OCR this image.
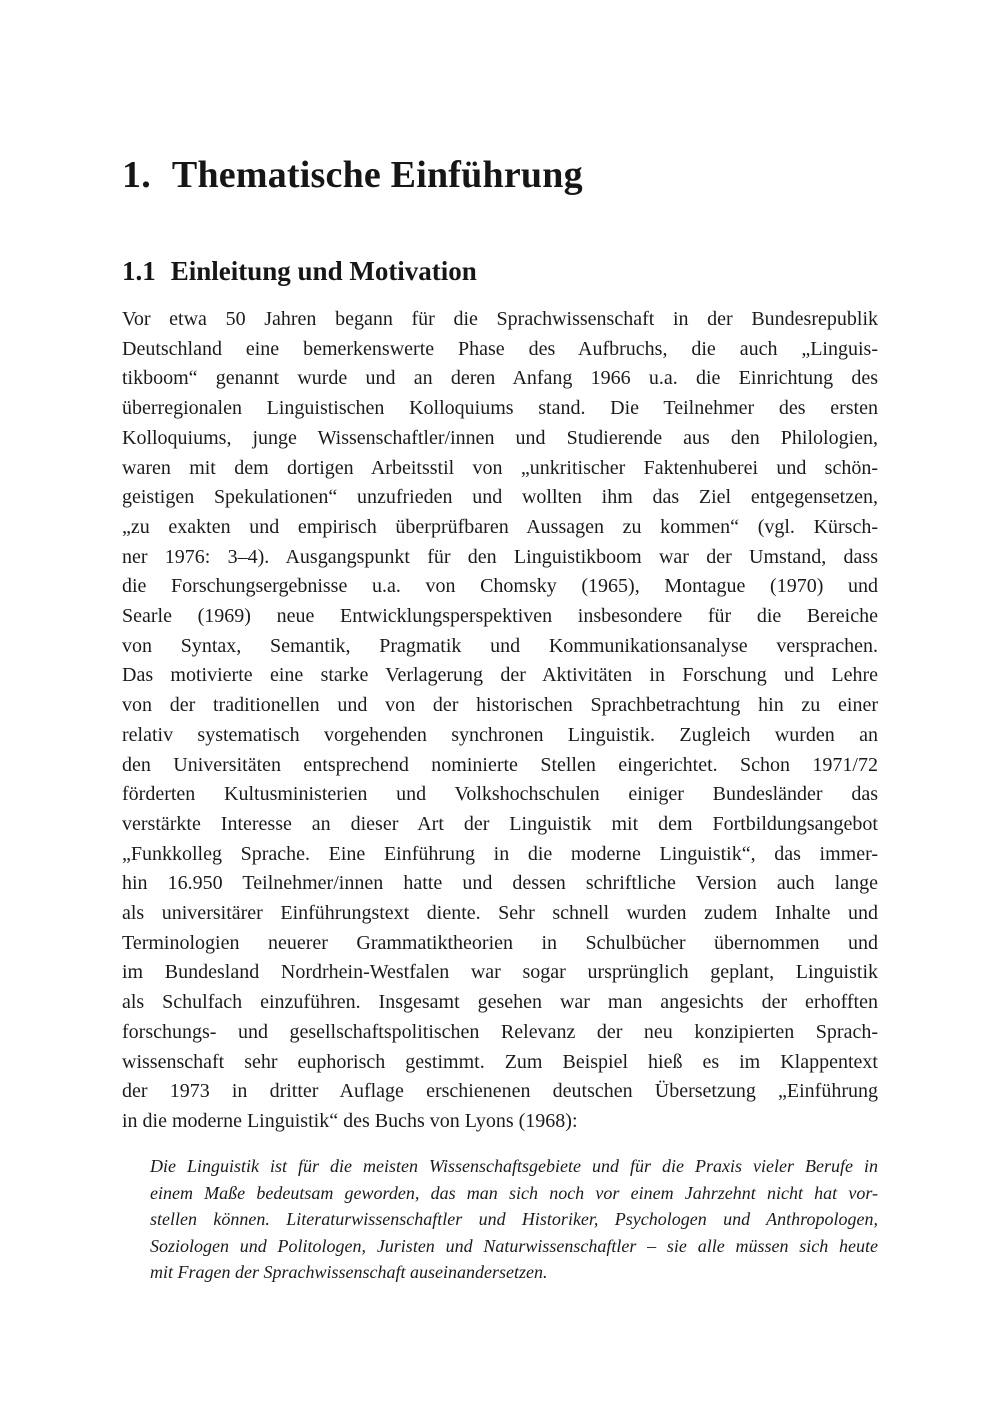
1. Thematische Einführung
1.1 Einleitung und Motivation
Vor etwa 50 Jahren begann für die Sprachwissenschaft in der Bundesrepublik
Deutschland eine bemerkenswerte Phase des Aufbruchs, die auch „Linguis-
tikboom“ genannt wurde und an deren Anfang 1966 u.a. die Einrichtung des
überregionalen Linguistischen Kolloquiums stand. Die Teilnehmer des ersten
Kolloquiums, junge Wissenschaftler/innen und Studierende aus den Philologien,
waren mit dem dortigen Arbeitsstil von „unkritischer Faktenhuberei und schön-
geistigen Spekulationen“ unzufrieden und wollten ihm das Ziel entgegensetzen,
„zu exakten und empirisch überprüfbaren Aussagen zu kommen“ (vgl. Kürsch-
ner 1976: 3–4). Ausgangspunkt für den Linguistikboom war der Umstand, dass
die Forschungsergebnisse u.a. von Chomsky (1965), Montague (1970) und
Searle (1969) neue Entwicklungsperspektiven insbesondere für die Bereiche
von Syntax, Semantik, Pragmatik und Kommunikationsanalyse versprachen.
Das motivierte eine starke Verlagerung der Aktivitäten in Forschung und Lehre
von der traditionellen und von der historischen Sprachbetrachtung hin zu einer
relativ systematisch vorgehenden synchronen Linguistik. Zugleich wurden an
den Universitäten entsprechend nominierte Stellen eingerichtet. Schon 1971/72
förderten Kultusministerien und Volkshochschulen einiger Bundesländer das
verstärkte Interesse an dieser Art der Linguistik mit dem Fortbildungsangebot
„Funkkolleg Sprache. Eine Einführung in die moderne Linguistik“, das immer-
hin 16.950 Teilnehmer/innen hatte und dessen schriftliche Version auch lange
als universitärer Einführungstext diente. Sehr schnell wurden zudem Inhalte und
Terminologien neuerer Grammatiktheorien in Schulbücher übernommen und
im Bundesland Nordrhein-Westfalen war sogar ursprünglich geplant, Linguistik
als Schulfach einzuführen. Insgesamt gesehen war man angesichts der erhofften
forschungs- und gesellschaftspolitischen Relevanz der neu konzipierten Sprach-
wissenschaft sehr euphorisch gestimmt. Zum Beispiel hieß es im Klappentext
der 1973 in dritter Auflage erschienenen deutschen Übersetzung „Einführung
in die moderne Linguistik“ des Buchs von Lyons (1968):
Die Linguistik ist für die meisten Wissenschaftsgebiete und für die Praxis vieler Berufe in
einem Maße bedeutsam geworden, das man sich noch vor einem Jahrzehnt nicht hat vor-
stellen können. Literaturwissenschaftler und Historiker, Psychologen und Anthropologen,
Soziologen und Politologen, Juristen und Naturwissenschaftler – sie alle müssen sich heute
mit Fragen der Sprachwissenschaft auseinandersetzen.
